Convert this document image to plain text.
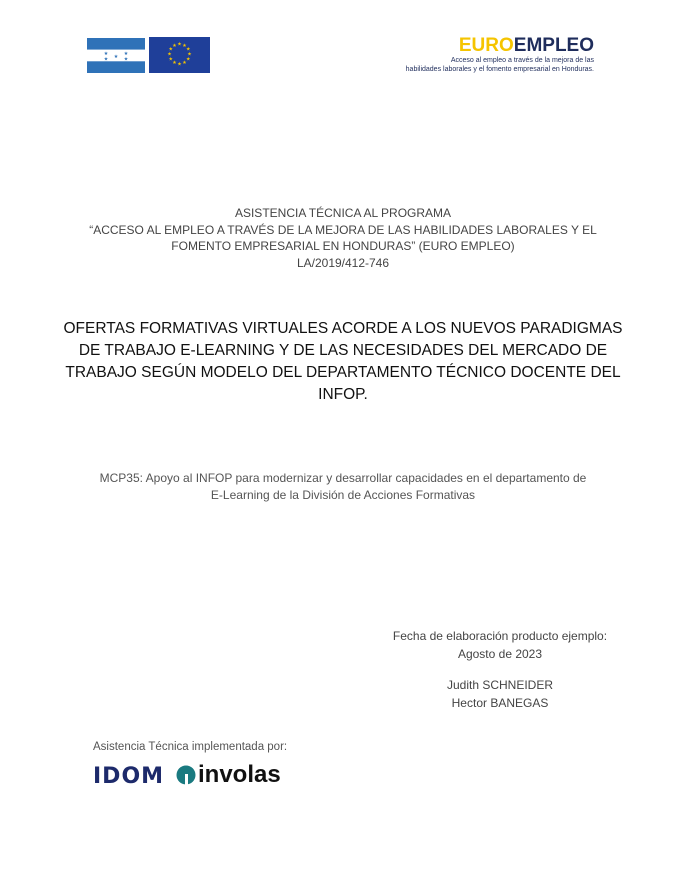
★	★
★
★	★
★ ★
★
★
★
★
★
★
★
★
★
★	EUROEMPLEO
Acceso al empleo a través de la mejora de las
habilidades laborales y el fomento empresarial en Honduras.
ASISTENCIA TÉCNICA AL PROGRAMA
“ACCESO AL EMPLEO A TRAVÉS DE LA MEJORA DE LAS HABILIDADES LABORALES Y EL
FOMENTO EMPRESARIAL EN HONDURAS” (EURO EMPLEO)
LA/2019/412-746
OFERTAS FORMATIVAS VIRTUALES ACORDE A LOS NUEVOS PARADIGMAS
DE TRABAJO E-LEARNING Y DE LAS NECESIDADES DEL MERCADO DE
TRABAJO SEGÚN MODELO DEL DEPARTAMENTO TÉCNICO DOCENTE DEL
INFOP.
MCP35: Apoyo al INFOP para modernizar y desarrollar capacidades en el departamento de
E-Learning de la División de Acciones Formativas
Fecha de elaboración producto ejemplo:
Agosto de 2023
Judith SCHNEIDER
Hector BANEGAS
Asistencia Técnica implementada por:
IDOM involas
